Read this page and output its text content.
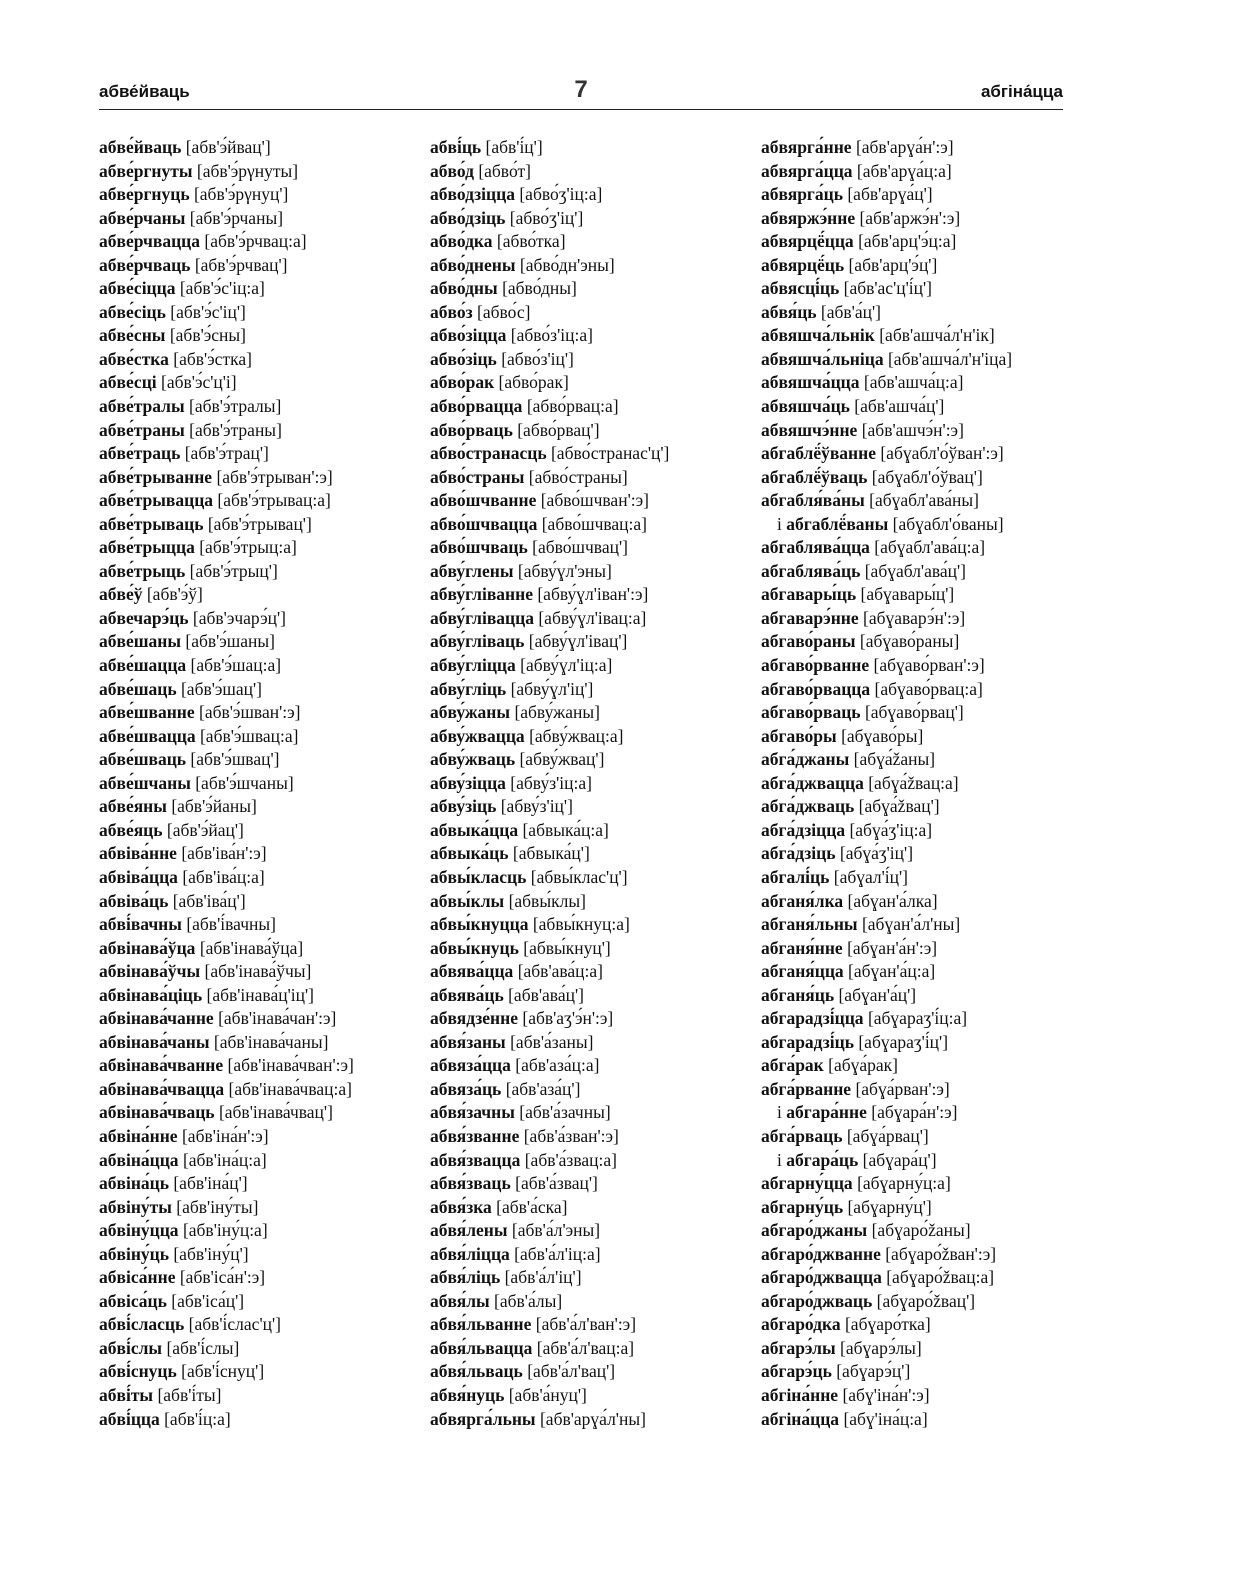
абве́йваць	7	абгіна́цца
абве́йваць [абв'э́йвац']
абве́ргнуты [абв'э́рγнуты]
абве́ргнуць [абв'э́рγнуц']
абве́рчаны [абв'э́рчаны]
абве́рчвацца [абв'э́рчвац:а]
абве́рчваць [абв'э́рчвац']
абве́сіцца [абв'э́с'іц:а]
абве́сіць [абв'э́с'іц']
абве́сны [абв'э́сны]
абве́стка [абв'э́стка]
абве́сці [абв'э́с'ц'і]
абве́тралы [абв'э́тралы]
абве́траны [абв'э́траны]
абве́траць [абв'э́трац']
абве́трыванне [абв'э́трыван':э]
абве́трывацца [абв'э́трывац:а]
абве́трываць [абв'э́трывац']
абве́трыцца [абв'э́трыц:а]
абве́трыць [абв'э́трыц']
абве́ў [абв'э́ў]
абвечарэ́ць [абв'эчарэ́ц']
абве́шаны [абв'э́шаны]
абве́шацца [абв'э́шац:а]
абве́шаць [абв'э́шац']
абве́шванне [абв'э́шван':э]
абве́швацца [абв'э́швац:а]
абве́шваць [абв'э́швац']
абве́шчаны [абв'э́шчаны]
абве́яны [абв'э́йаны]
абве́яць [абв'э́йац']
абвіва́нне [абв'іва́н':э]
абвіва́цца [абв'іва́ц:а]
абвіва́ць [абв'іва́ц']
абві́вачны [абв'і́вачны]
абвінава́ўца [абв'інава́ўца]
абвінава́ўчы [абв'інава́ўчы]
абвінава́ціць [абв'інава́ц'іц']
абвінава́чанне [абв'інава́чан':э]
абвінава́чаны [абв'інава́чаны]
абвінава́чванне [абв'інава́чван':э]
абвінава́чвацца [абв'інава́чвац:а]
абвінава́чваць [абв'інава́чвац']
абвіна́нне [абв'іна́н':э]
абвіна́цца [абв'іна́ц:а]
абвіна́ць [абв'іна́ц']
абвіну́ты [абв'іну́ты]
абвіну́цца [абв'іну́ц:а]
абвіну́ць [абв'іну́ц']
абвіса́нне [абв'іса́н':э]
абвіса́ць [абв'іса́ц']
абві́сласць [абв'і́слас'ц']
абві́слы [абв'і́слы]
абві́снуць [абв'і́снуц']
абві́ты [абв'і́ты]
абві́цца [абв'і́ц:а]
абві́ць [абв'і́ц']
абво́д [абво́т]
абво́дзіцца [абво́ʒ'іц:а]
абво́дзіць [абво́ʒ'іц']
абво́дка [абво́тка]
абво́днены [абво́дн'эны]
абво́дны [абво́дны]
абво́з [абво́с]
абво́зіцца [абво́з'іц:а]
абво́зіць [абво́з'іц']
абво́рак [абво́рак]
абво́рвацца [абво́рвац:а]
абво́рваць [абво́рвац']
абво́странасць [абво́странас'ц']
абво́страны [абво́страны]
абво́шчванне [абво́шчван':э]
абво́шчвацца [абво́шчвац:а]
абво́шчваць [абво́шчвац']
абву́глены [абву́ɣл'эны]
абву́гліванне [абву́ɣл'іван':э]
абву́глівацца [абву́ɣл'івац:а]
абву́гліваць [абву́ɣл'івац']
абву́гліцца [абву́ɣл'іц:а]
абву́гліць [абву́ɣл'іц']
абву́жаны [абву́жаны]
абву́жвацца [абву́жвац:а]
абву́жваць [абву́жвац']
абву́зіцца [абву́з'іц:а]
абву́зіць [абву́з'іц']
абвыка́цца [абвыка́ц:а]
абвыка́ць [абвыка́ц']
абвы́класць [абвы́клас'ц']
абвы́клы [абвы́клы]
абвы́кнуцца [абвы́кнуц:а]
абвы́кнуць [абвы́кнуц']
абвява́цца [абв'ава́ц:а]
абвява́ць [абв'ава́ц']
абвядзе́нне [абв'аʒ'э́н':э]
абвя́заны [абв'а́заны]
абвяза́цца [абв'аза́ц:а]
абвяза́ць [абв'аза́ц']
абвя́зачны [абв'а́зачны]
абвя́званне [абв'а́зван':э]
абвя́звацца [абв'а́звац:а]
абвя́зваць [абв'а́звац']
абвя́зка [абв'а́ска]
абвя́лены [абв'а́л'эны]
абвя́ліцца [абв'а́л'іц:а]
абвя́ліць [абв'а́л'іц']
абвя́лы [абв'а́лы]
абвя́льванне [абв'а́л'ван':э]
абвя́львацца [абв'а́л'вац:а]
абвя́льваць [абв'а́л'вац']
абвя́нуць [абв'а́нуц']
абвярга́льны [абв'арɣа́л'ны]
абвярга́нне [абв'арɣа́н':э]
абвярга́цца [абв'арɣа́ц:а]
абвярга́ць [абв'арɣа́ц']
абвяржэ́нне [абв'аржэ́н':э]
абвярцё́цца [абв'арц'э́ц:а]
абвярцё́ць [абв'арц'э́ц']
абвясці́ць [абв'ас'ц'і́ц']
абвя́ць [абв'а́ц']
абвяшча́льнік [абв'ашча́л'н'ік]
абвяшча́льніца [абв'ашча́л'н'іца]
абвяшча́цца [абв'ашча́ц:а]
абвяшча́ць [абв'ашча́ц']
абвяшчэ́нне [абв'ашчэ́н':э]
абгаблё́ўванне [абɣабл'о́ўван':э]
абгаблё́ўваць [абɣабл'о́ўвац']
абгабля́ва́ны [абɣабл'ава́ны]
і абгаблё́ваны [абɣабл'о́ваны]
абгаблява́цца [абɣабл'ава́ц:а]
абгаблява́ць [абɣабл'ава́ц']
абгавары́ць [абɣавары́ц']
абгаварэ́нне [абɣаварэ́н':э]
абгаво́раны [абɣаво́раны]
абгаво́рванне [абɣаво́рван':э]
абгаво́рвацца [абɣаво́рвац:а]
абгаво́рваць [абɣаво́рвац']
абгаво́ры [абɣаво́ры]
абга́джаны [абɣа́žаны]
абга́джвацца [абɣа́žвац:а]
абга́джваць [абɣа́žвац']
абга́дзіцца [абɣа́ʒ'іц:а]
абга́дзіць [абɣа́ʒ'іц']
абгалі́ць [абɣал'і́ц']
абганя́лка [абɣан'а́лка]
абганя́льны [абɣан'а́л'ны]
абганя́нне [абɣан'а́н':э]
абганя́цца [абɣан'а́ц:а]
абганя́ць [абɣан'а́ц']
абгарадзі́цца [абɣараʒ'і́ц:а]
абгарадзі́ць [абɣараʒ'і́ц']
абга́рак [абɣа́рак]
абга́рванне [абɣа́рван':э]
і абгара́нне [абɣара́н':э]
абга́рваць [абɣа́рвац']
і абгара́ць [абɣара́ц']
абгарну́цца [абɣарну́ц:а]
абгарну́ць [абɣарну́ц']
абгаро́джаны [абɣаро́žаны]
абгаро́джванне [абɣаро́žван':э]
абгаро́джвацца [абɣаро́žвац:а]
абгаро́джваць [абɣаро́žвац']
абгаро́дка [абɣаро́тка]
абгарэ́лы [абɣарэ́лы]
абгарэ́ць [абɣарэ́ц']
абгіна́нне [абɣ'іна́н':э]
абгіна́цца [абɣ'іна́ц:а]
